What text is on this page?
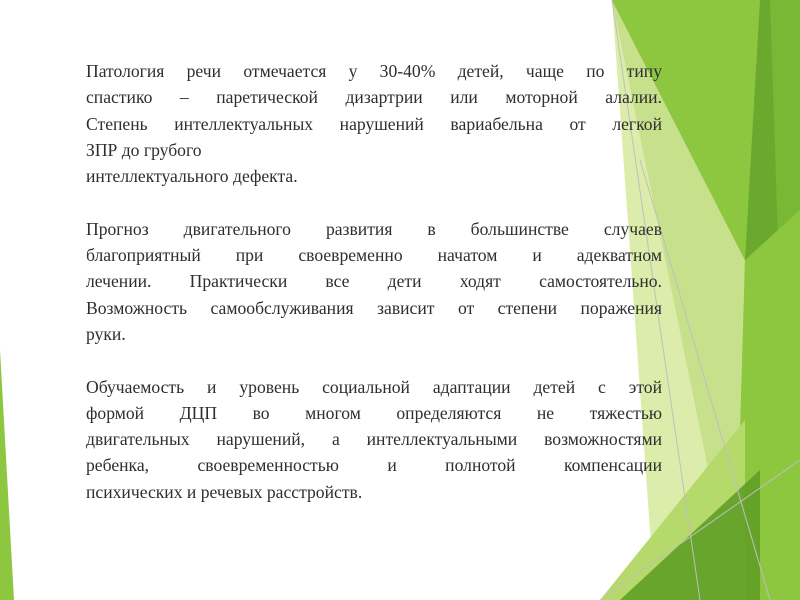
Патология речи отмечается у 30-40% детей, чаще по типу
спастико – паретической дизартрии или моторной алалии.
Степень интеллектуальных нарушений вариабельна от легкой
ЗПР до грубого
интеллектуального дефекта.
Прогноз двигательного развития в большинстве случаев
благоприятный при своевременно начатом и адекватном
лечении. Практически все дети ходят самостоятельно.
Возможность самообслуживания зависит от степени поражения
руки.
Обучаемость и уровень социальной адаптации детей с этой
формой ДЦП во многом определяются не тяжестью
двигательных нарушений, а интеллектуальными возможностями
ребенка, своевременностью и полнотой компенсации
психических и речевых расстройств.
